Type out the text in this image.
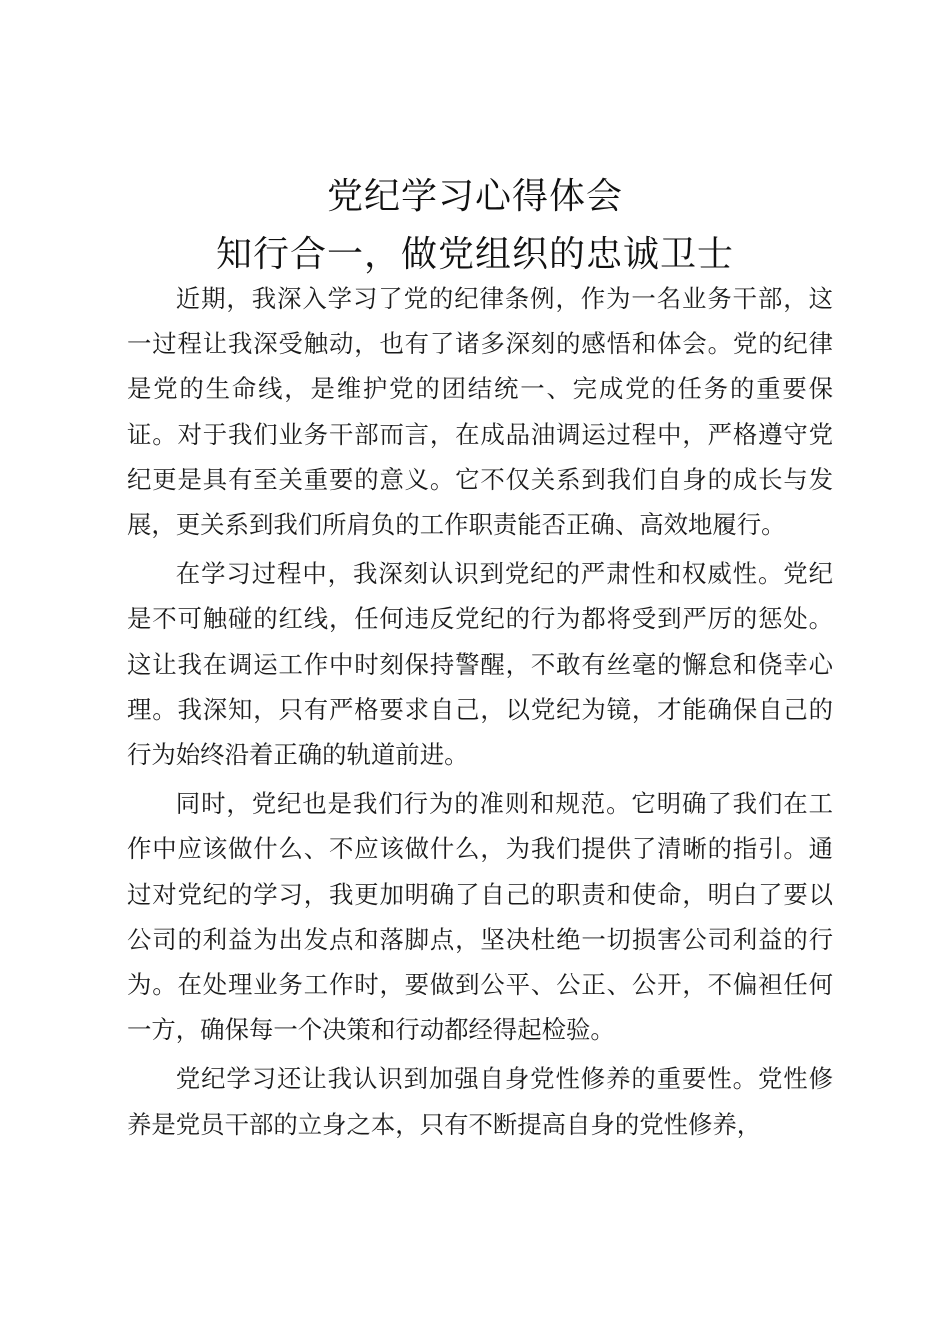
党纪学习心得体会
知行合一，做党组织的忠诚卫士

近期，我深入学习了党的纪律条例，作为一名业务干部，这一过程让我深受触动，也有了诸多深刻的感悟和体会。党的纪律是党的生命线，是维护党的团结统一、完成党的任务的重要保证。对于我们业务干部而言，在成品油调运过程中，严格遵守党纪更是具有至关重要的意义。它不仅关系到我们自身的成长与发展，更关系到我们所肩负的工作职责能否正确、高效地履行。

在学习过程中，我深刻认识到党纪的严肃性和权威性。党纪是不可触碰的红线，任何违反党纪的行为都将受到严厉的惩处。这让我在调运工作中时刻保持警醒，不敢有丝毫的懈怠和侥幸心理。我深知，只有严格要求自己，以党纪为镜，才能确保自己的行为始终沿着正确的轨道前进。

同时，党纪也是我们行为的准则和规范。它明确了我们在工作中应该做什么、不应该做什么，为我们提供了清晰的指引。通过对党纪的学习，我更加明确了自己的职责和使命，明白了要以公司的利益为出发点和落脚点，坚决杜绝一切损害公司利益的行为。在处理业务工作时，要做到公平、公正、公开，不偏袒任何一方，确保每一个决策和行动都经得起检验。

党纪学习还让我认识到加强自身党性修养的重要性。党性修养是党员干部的立身之本，只有不断提高自身的党性修养，
